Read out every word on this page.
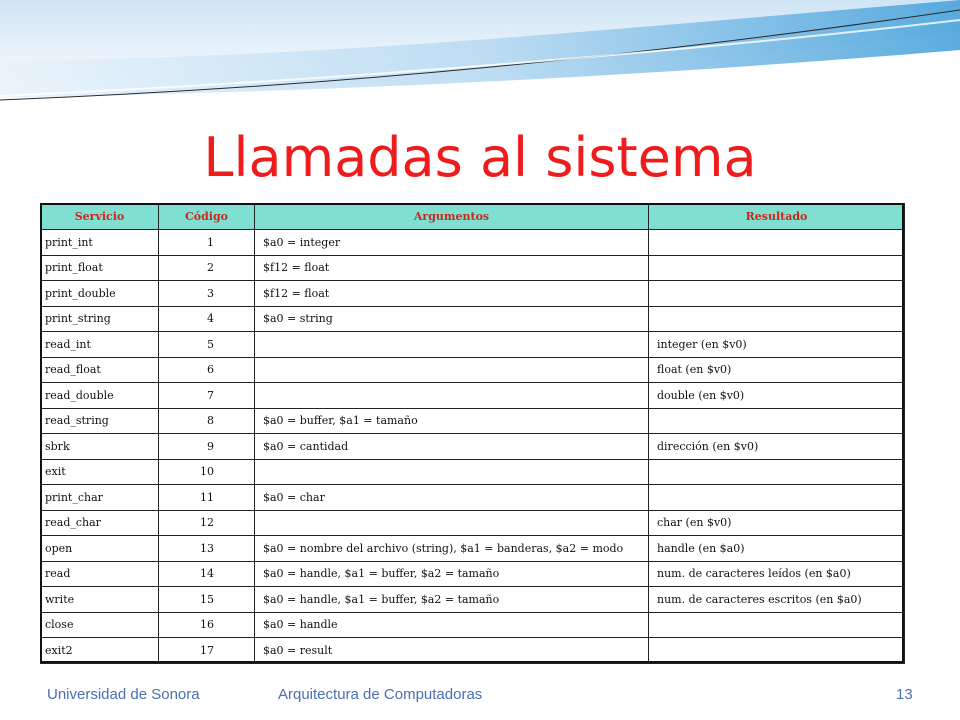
Llamadas al sistema
Servicio	Código	Argumentos	Resultado
print_int	1	$a0 = integer	
print_float	2	$f12 = float	
print_double	3	$f12 = float	
print_string	4	$a0 = string	
read_int	5		integer (en $v0)
read_float	6		float (en $v0)
read_double	7		double (en $v0)
read_string	8	$a0 = buffer, $a1 = tamaño	
sbrk	9	$a0 = cantidad	dirección (en $v0)
exit	10		
print_char	11	$a0 = char	
read_char	12		char (en $v0)
open	13	$a0 = nombre del archivo (string), $a1 = banderas, $a2 = modo	handle (en $a0)
read	14	$a0 = handle, $a1 = buffer, $a2 = tamaño	num. de caracteres leídos (en $a0)
write	15	$a0 = handle, $a1 = buffer, $a2 = tamaño	num. de caracteres escritos (en $a0)
close	16	$a0 = handle	
exit2	17	$a0 = result	
Universidad de Sonora	Arquitectura de Computadoras	13
